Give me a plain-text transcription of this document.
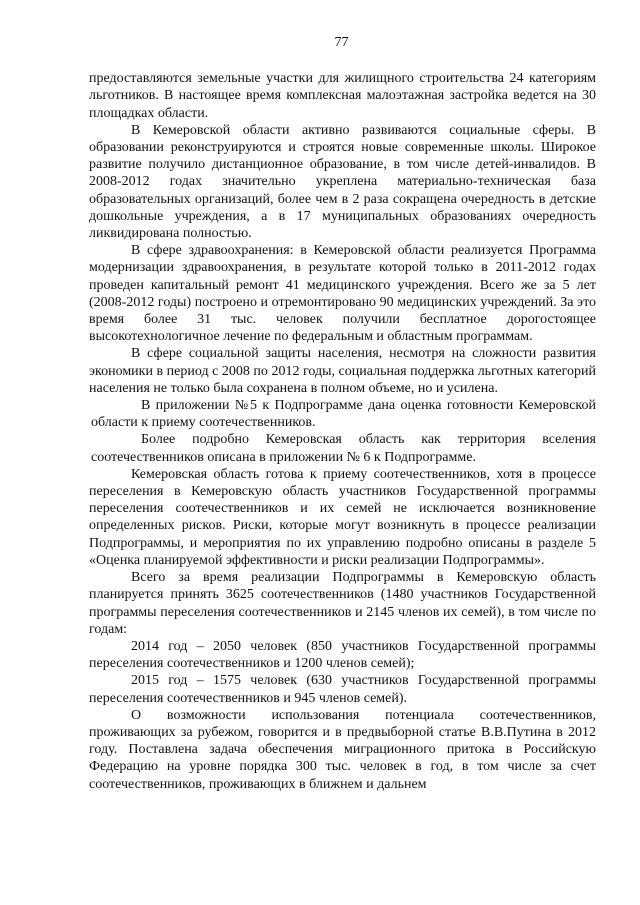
77

предоставляются земельные участки для жилищного строительства 24 категориям льготников. В настоящее время комплексная малоэтажная застройка ведется на 30 площадках области.

В Кемеровской области активно развиваются социальные сферы. В образовании реконструируются и строятся новые современные школы. Широкое развитие получило дистанционное образование, в том числе детей-инвалидов. В 2008-2012 годах значительно укреплена материально-техническая база образовательных организаций, более чем в 2 раза сокращена очередность в детские дошкольные учреждения, а в 17 муниципальных образованиях очередность ликвидирована полностью.

В сфере здравоохранения: в Кемеровской области реализуется Программа модернизации здравоохранения, в результате которой только в 2011-2012 годах проведен капитальный ремонт 41 медицинского учреждения. Всего же за 5 лет (2008-2012 годы) построено и отремонтировано 90 медицинских учреждений. За это время более 31 тыс. человек получили бесплатное дорогостоящее высокотехнологичное лечение по федеральным и областным программам.

В сфере социальной защиты населения, несмотря на сложности развития экономики в период с 2008 по 2012 годы, социальная поддержка льготных категорий населения не только была сохранена в полном объеме, но и усилена.

В приложении №5 к Подпрограмме дана оценка готовности Кемеровской области к приему соотечественников.

Более подробно Кемеровская область как территория вселения соотечественников описана в приложении № 6 к Подпрограмме.

Кемеровская область готова к приему соотечественников, хотя в процессе переселения в Кемеровскую область участников Государственной программы переселения соотечественников и их семей не исключается возникновение определенных рисков. Риски, которые могут возникнуть в процессе реализации Подпрограммы, и мероприятия по их управлению подробно описаны в разделе 5 «Оценка планируемой эффективности и риски реализации Подпрограммы».

Всего за время реализации Подпрограммы в Кемеровскую область планируется принять 3625 соотечественников (1480 участников Государственной программы переселения соотечественников и 2145 членов их семей), в том числе по годам:

2014 год – 2050 человек (850 участников Государственной программы переселения соотечественников и 1200 членов семей);

2015 год – 1575 человек (630 участников Государственной программы переселения соотечественников и 945 членов семей).

О возможности использования потенциала соотечественников, проживающих за рубежом, говорится и в предвыборной статье В.В.Путина в 2012 году. Поставлена задача обеспечения миграционного притока в Российскую Федерацию на уровне порядка 300 тыс. человек в год, в том числе за счет соотечественников, проживающих в ближнем и дальнем
